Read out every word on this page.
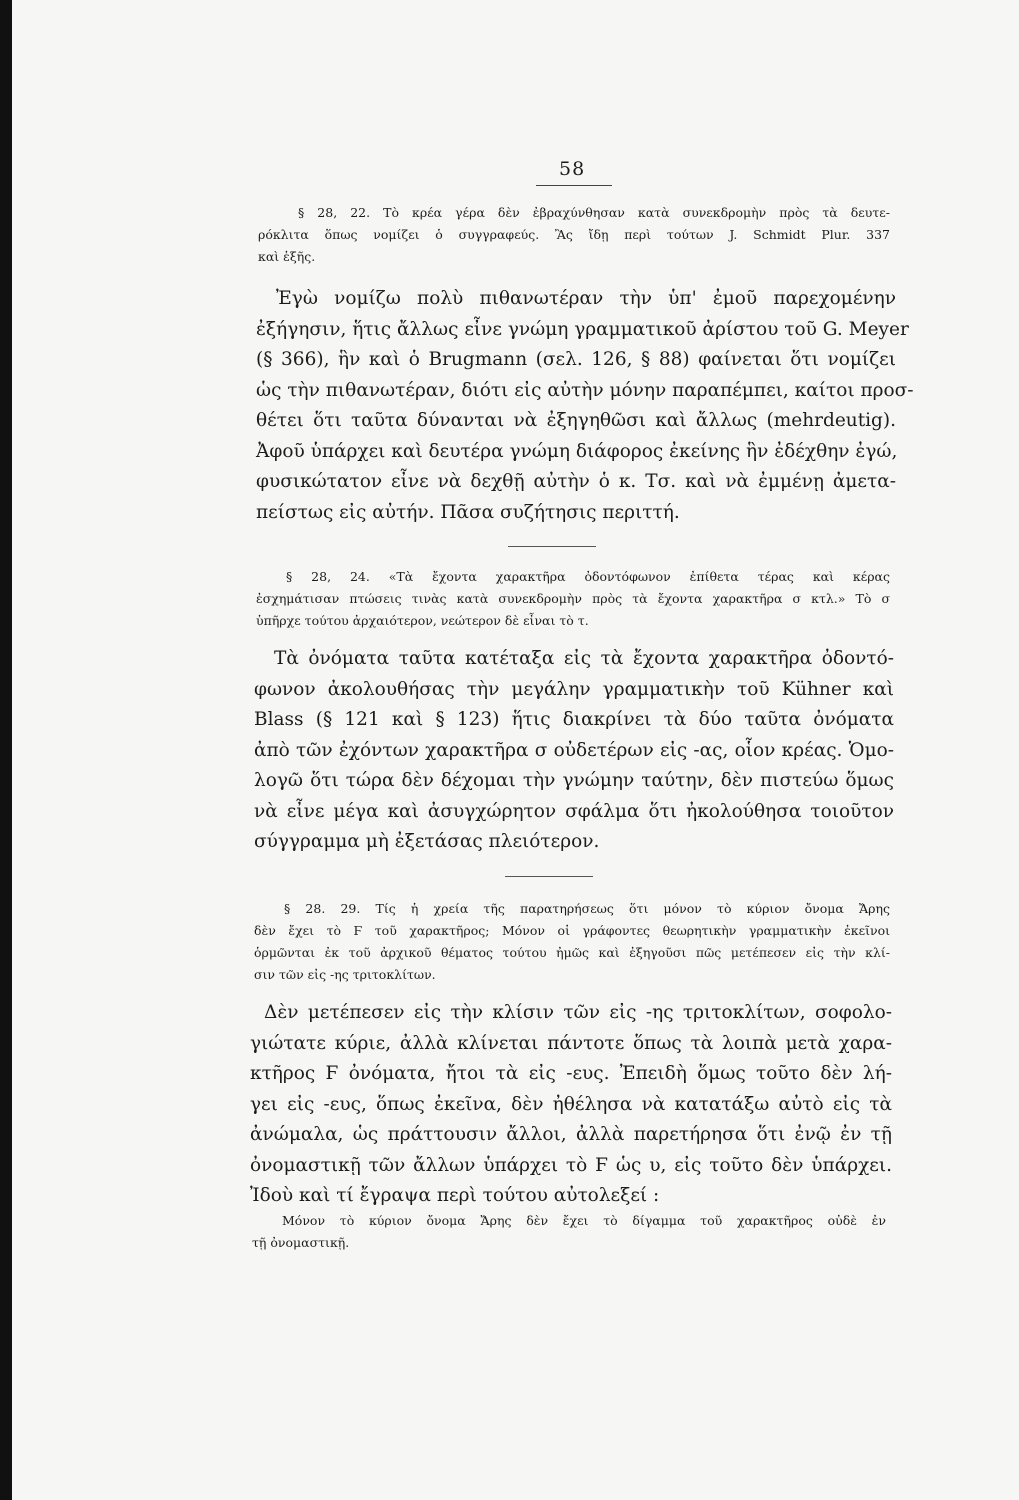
58
§ 28, 22. Τὸ κρέα γέρα δὲν ἐβραχύνθησαν κατὰ συνεκδρομὴν πρὸς τὰ δευτε-
ρόκλιτα ὅπως νομίζει ὁ συγγραφεύς. Ἂς ἴδῃ περὶ τούτων J. Schmidt Plur. 337
καὶ ἑξῆς.
Ἐγὼ νομίζω πολὺ πιθανωτέραν τὴν ὑπ' ἐμοῦ παρεχομένην
ἐξήγησιν, ἥτις ἄλλως εἶνε γνώμη γραμματικοῦ ἀρίστου τοῦ G. Meyer
(§ 366), ἣν καὶ ὁ Brugmann (σελ. 126, § 88) φαίνεται ὅτι νομίζει
ὡς τὴν πιθανωτέραν, διότι εἰς αὐτὴν μόνην παραπέμπει, καίτοι προσ-
θέτει ὅτι ταῦτα δύνανται νὰ ἐξηγηθῶσι καὶ ἄλλως (mehrdeutig).
Ἀφοῦ ὑπάρχει καὶ δευτέρα γνώμη διάφορος ἐκείνης ἣν ἐδέχθην ἐγώ,
φυσικώτατον εἶνε νὰ δεχθῇ αὐτὴν ὁ κ. Τσ. καὶ νὰ ἐμμένῃ ἀμετα-
πείστως εἰς αὐτήν. Πᾶσα συζήτησις περιττή.
§ 28, 24. «Τὰ ἔχοντα χαρακτῆρα ὀδοντόφωνον ἐπίθετα τέρας καὶ κέρας
ἐσχημάτισαν πτώσεις τινὰς κατὰ συνεκδρομὴν πρὸς τὰ ἔχοντα χαρακτῆρα σ κτλ.» Τὸ σ
ὑπῆρχε τούτου ἀρχαιότερον, νεώτερον δὲ εἶναι τὸ τ.
Τὰ ὀνόματα ταῦτα κατέταξα εἰς τὰ ἔχοντα χαρακτῆρα ὀδοντό-
φωνον ἀκολουθήσας τὴν μεγάλην γραμματικὴν τοῦ Kühner καὶ
Blass (§ 121 καὶ § 123) ἥτις διακρίνει τὰ δύο ταῦτα ὀνόματα
ἀπὸ τῶν ἐχόντων χαρακτῆρα σ οὐδετέρων εἰς -ας, οἷον κρέας. Ὁμο-
λογῶ ὅτι τώρα δὲν δέχομαι τὴν γνώμην ταύτην, δὲν πιστεύω ὅμως
νὰ εἶνε μέγα καὶ ἀσυγχώρητον σφάλμα ὅτι ἠκολούθησα τοιοῦτον
σύγγραμμα μὴ ἐξετάσας πλειότερον.
§ 28. 29. Τίς ἡ χρεία τῆς παρατηρήσεως ὅτι μόνον τὸ κύριον ὄνομα Ἄρης
δὲν ἔχει τὸ Ϝ τοῦ χαρακτῆρος; Μόνον οἱ γράφοντες θεωρητικὴν γραμματικὴν ἐκεῖνοι
ὁρμῶνται ἐκ τοῦ ἀρχικοῦ θέματος τούτου ἠμῶς καὶ ἐξηγοῦσι πῶς μετέπεσεν εἰς τὴν κλί-
σιν τῶν εἰς -ης τριτοκλίτων.
Δὲν μετέπεσεν εἰς τὴν κλίσιν τῶν εἰς -ης τριτοκλίτων, σοφολο-
γιώτατε κύριε, ἀλλὰ κλίνεται πάντοτε ὅπως τὰ λοιπὰ μετὰ χαρα-
κτῆρος Ϝ ὀνόματα, ἤτοι τὰ εἰς -ευς. Ἐπειδὴ ὅμως τοῦτο δὲν λή-
γει εἰς -ευς, ὅπως ἐκεῖνα, δὲν ἠθέλησα νὰ κατατάξω αὐτὸ εἰς τὰ
ἀνώμαλα, ὡς πράττουσιν ἄλλοι, ἀλλὰ παρετήρησα ὅτι ἐνῷ ἐν τῇ
ὀνομαστικῇ τῶν ἄλλων ὑπάρχει τὸ Ϝ ὡς υ, εἰς τοῦτο δὲν ὑπάρχει.
Ἰδοὺ καὶ τί ἔγραψα περὶ τούτου αὐτολεξεί :
Μόνον τὸ κύριον ὄνομα Ἄρης δὲν ἔχει τὸ δίγαμμα τοῦ χαρακτῆρος οὐδὲ ἐν
τῇ ὀνομαστικῇ.
